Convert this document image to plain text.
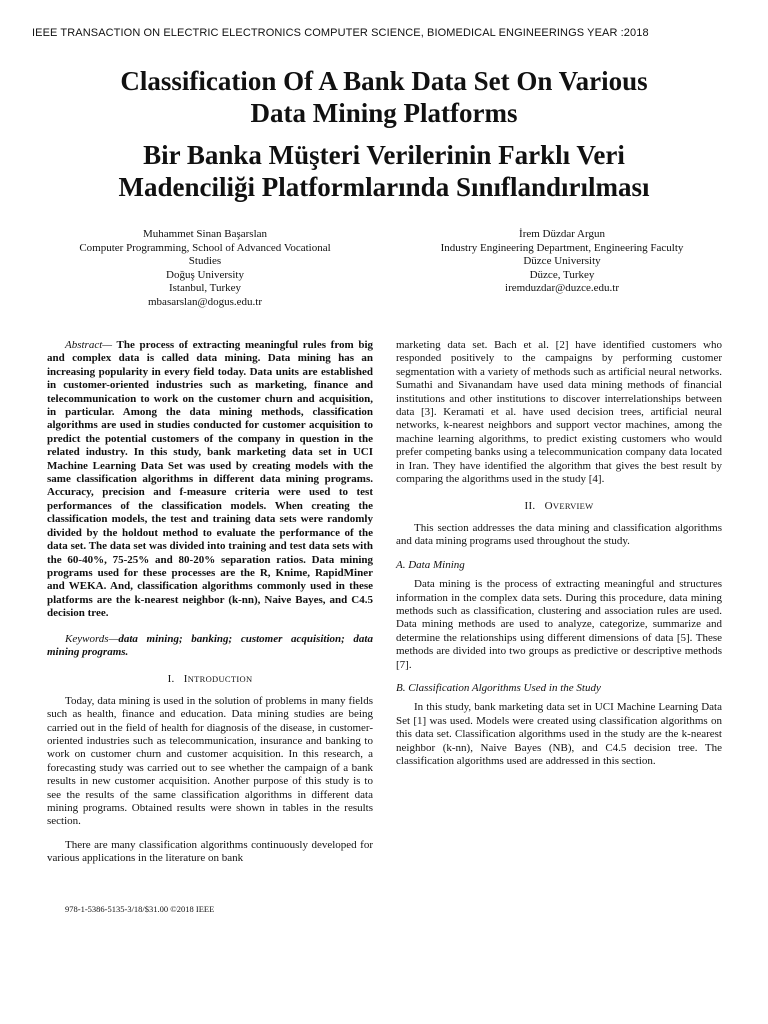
IEEE TRANSACTION ON ELECTRIC ELECTRONICS COMPUTER SCIENCE, BIOMEDICAL ENGINEERINGS YEAR :2018

Classification Of A Bank Data Set On Various
Data Mining Platforms

Bir Banka Müşteri Verilerinin Farklı Veri
Madenciliği Platformlarında Sınıflandırılması

Muhammet Sinan Başarslan
Computer Programming, School of Advanced Vocational
Studies
Doğuş University
Istanbul, Turkey
mbasarslan@dogus.edu.tr
İrem Düzdar Argun
Industry Engineering Department, Engineering Faculty
Düzce University
Düzce, Turkey
iremduzdar@duzce.edu.tr

Abstract— The process of extracting meaningful rules from big and complex data is called data mining. Data mining has an increasing popularity in every field today. Data units are established in customer-oriented industries such as marketing, finance and telecommunication to work on the customer churn and acquisition, in particular. Among the data mining methods, classification algorithms are used in studies conducted for customer acquisition to predict the potential customers of the company in question in the related industry. In this study, bank marketing data set in UCI Machine Learning Data Set was used by creating models with the same classification algorithms in different data mining programs. Accuracy, precision and f-measure criteria were used to test performances of the classification models. When creating the classification models, the test and training data sets were randomly divided by the holdout method to evaluate the performance of the data set. The data set was divided into training and test data sets with the 60-40%, 75-25% and 80-20% separation ratios. Data mining programs used for these processes are the R, Knime, RapidMiner and WEKA. And, classification algorithms commonly used in these platforms are the k-nearest neighbor (k-nn), Naive Bayes, and C4.5 decision tree.

Keywords—data mining; banking; customer acquisition; data mining programs.

I. INTRODUCTION

Today, data mining is used in the solution of problems in many fields such as health, finance and education. Data mining studies are being carried out in the field of health for diagnosis of the disease, in customer-oriented industries such as telecommunication, insurance and banking to work on customer churn and customer acquisition. In this research, a forecasting study was carried out to see whether the campaign of a bank results in new customer acquisition. Another purpose of this study is to see the results of the same classification algorithms in different data mining programs. Obtained results were shown in tables in the results section.

There are many classification algorithms continuously developed for various applications in the literature on bank

marketing data set. Bach et al. [2] have identified customers who responded positively to the campaigns by performing customer segmentation with a variety of methods such as artificial neural networks. Sumathi and Sivanandam have used data mining methods of financial institutions and other institutions to discover interrelationships between data [3]. Keramati et al. have used decision trees, artificial neural networks, k-nearest neighbors and support vector machines, among the machine learning algorithms, to predict existing customers who would prefer competing banks using a telecommunication company data located in Iran. They have identified the algorithm that gives the best result by comparing the algorithms used in the study [4].

II. OVERVIEW

This section addresses the data mining and classification algorithms and data mining programs used throughout the study.

A. Data Mining

Data mining is the process of extracting meaningful and structures information in the complex data sets. During this procedure, data mining methods such as classification, clustering and association rules are used. Data mining methods are used to analyze, categorize, summarize and determine the relationships using different dimensions of data [5]. These methods are divided into two groups as predictive or descriptive methods [7].

B. Classification Algorithms Used in the Study

In this study, bank marketing data set in UCI Machine Learning Data Set [1] was used. Models were created using classification algorithms on this data set. Classification algorithms used in the study are the k-nearest neighbor (k-nn), Naive Bayes (NB), and C4.5 decision tree. The classification algorithms used are addressed in this section.

978-1-5386-5135-3/18/$31.00 ©2018 IEEE
